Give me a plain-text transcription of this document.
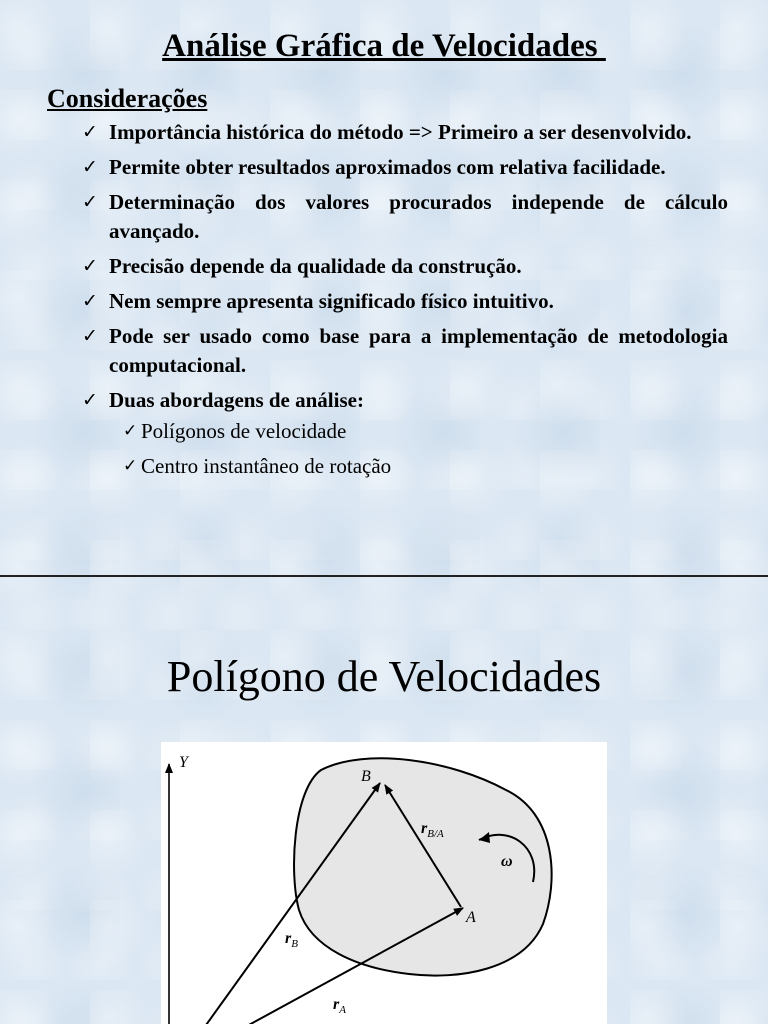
Análise Gráfica de Velocidades
Considerações
✓ Importância histórica do método => Primeiro a ser desenvolvido.
✓ Permite obter resultados aproximados com relativa facilidade.
✓ Determinação dos valores procurados independe de cálculo avançado.
✓ Precisão depende da qualidade da construção.
✓ Nem sempre apresenta significado físico intuitivo.
✓ Pode ser usado como base para a implementação de metodologia computacional.
✓ Duas abordagens de análise:
✓ Polígonos de velocidade
✓ Centro instantâneo de rotação
Polígono de Velocidades
Y
B
A
$r_{B/A}$
ω
$r_B$
$r_A$
